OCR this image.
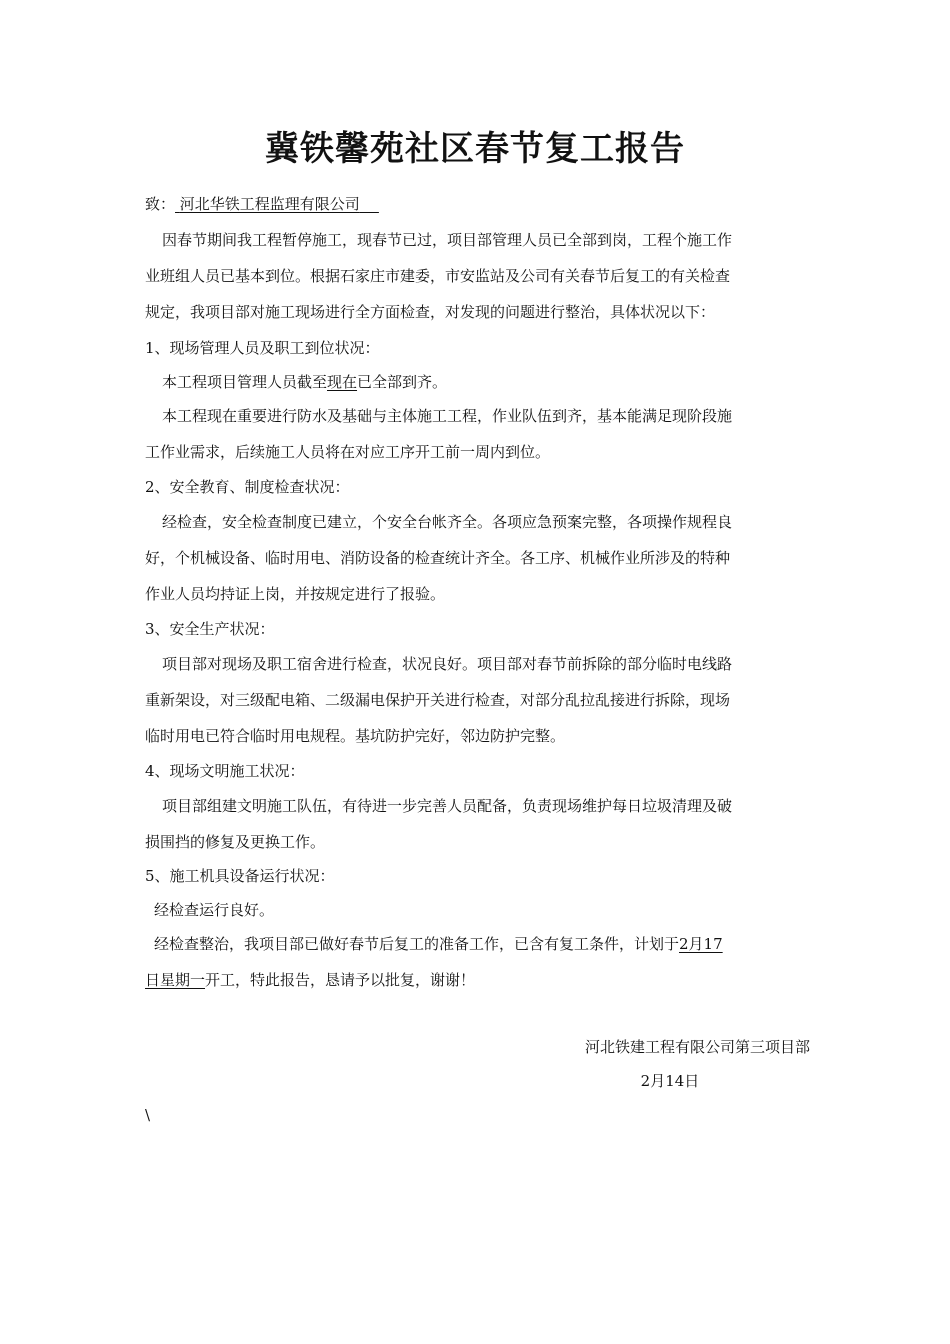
冀铁馨苑社区春节复工报告
致： 河北华铁工程监理有限公司
因春节期间我工程暂停施工，现春节已过，项目部管理人员已全部到岗，工程个施工作
业班组人员已基本到位。根据石家庄市建委，市安监站及公司有关春节后复工的有关检查
规定，我项目部对施工现场进行全方面检查，对发现的问题进行整治，具体状况以下：
1、现场管理人员及职工到位状况：
本工程项目管理人员截至现在已全部到齐。
本工程现在重要进行防水及基础与主体施工工程，作业队伍到齐，基本能满足现阶段施
工作业需求，后续施工人员将在对应工序开工前一周内到位。
2、安全教育、制度检查状况：
经检查，安全检查制度已建立，个安全台帐齐全。各项应急预案完整，各项操作规程良
好，个机械设备、临时用电、消防设备的检查统计齐全。各工序、机械作业所涉及的特种
作业人员均持证上岗，并按规定进行了报验。
3、安全生产状况：
项目部对现场及职工宿舍进行检查，状况良好。项目部对春节前拆除的部分临时电线路
重新架设，对三级配电箱、二级漏电保护开关进行检查，对部分乱拉乱接进行拆除，现场
临时用电已符合临时用电规程。基坑防护完好，邻边防护完整。
4、现场文明施工状况：
项目部组建文明施工队伍，有待进一步完善人员配备，负责现场维护每日垃圾清理及破
损围挡的修复及更换工作。
5、施工机具设备运行状况：
经检查运行良好。
经检查整治，我项目部已做好春节后复工的准备工作，已含有复工条件，计划于2月17
日星期一开工，特此报告，恳请予以批复，谢谢！
河北铁建工程有限公司第三项目部
2月14日
\
